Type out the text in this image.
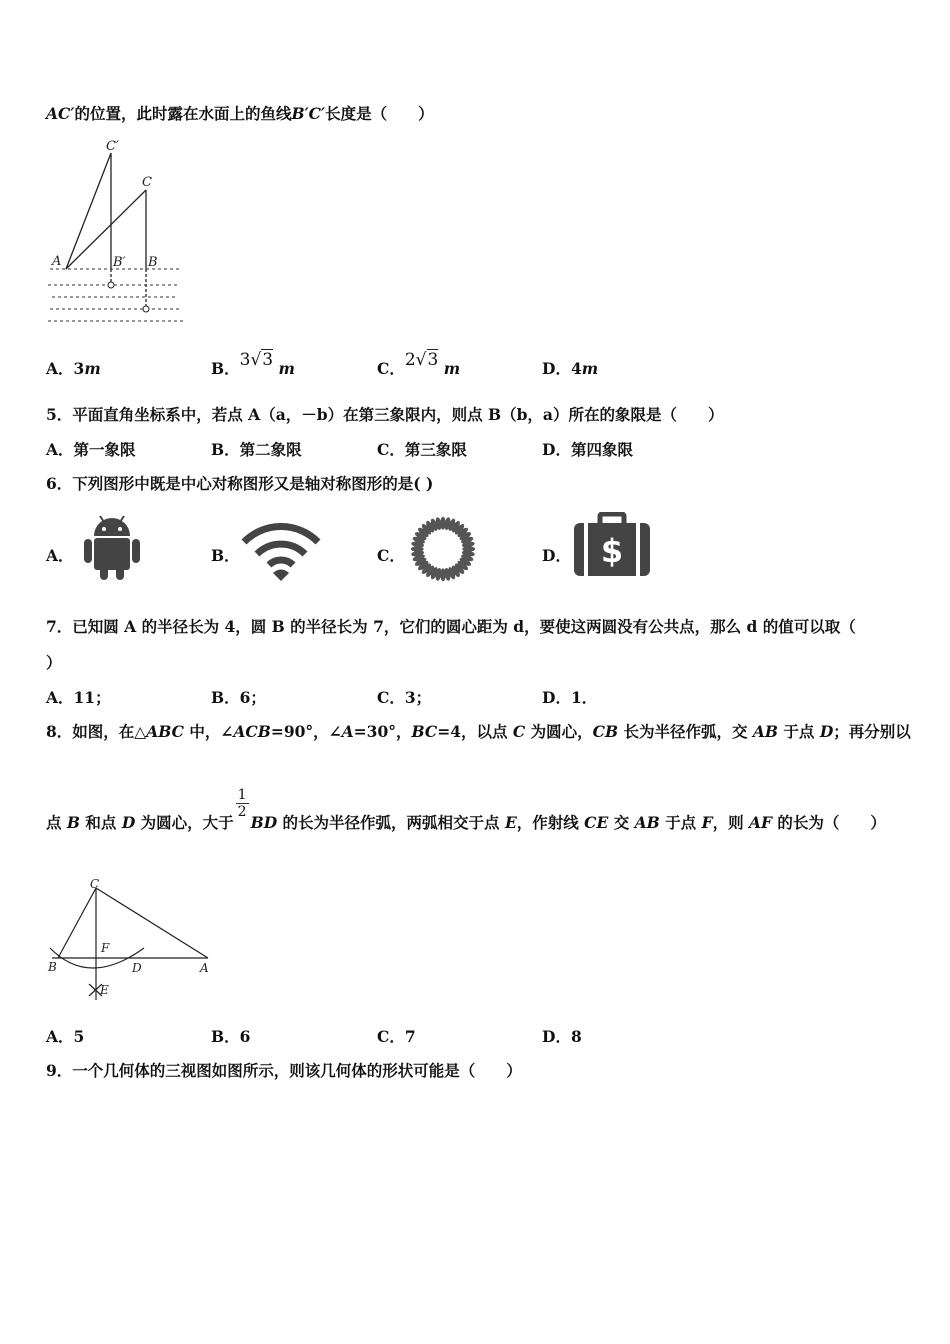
AC′的位置，此时露在水面上的鱼线B′C′长度是（　　）
C′
C
A	B′ B
A．3m	B．3√3 m	C．2√3 m	D．4m
5．平面直角坐标系中，若点 A（a，－b）在第三象限内，则点 B（b，a）所在的象限是（　　）
A．第一象限	B．第二象限	C．第三象限	D．第四象限
6．下列图形中既是中心对称图形又是轴对称图形的是( )
A．	B．	C．	D． $
7．已知圆 A 的半径长为 4，圆 B 的半径长为 7，它们的圆心距为 d，要使这两圆没有公共点，那么 d 的值可以取（
）
A．11；	B．6；	C．3；	D．1．
8．如图，在△ABC 中，∠ACB=90°，∠A=30°，BC=4，以点 C 为圆心，CB 长为半径作弧，交 AB 于点 D；再分别以
点 B 和点 D 为圆心，大于
$\frac{1}{2}$
BD 的长为半径作弧，两弧相交于点 E，作射线 CE 交 AB 于点 F，则 AF 的长为（　　）
C
F
B	D	A
E
A．5	B．6	C．7	D．8
9．一个几何体的三视图如图所示，则该几何体的形状可能是（　　）
